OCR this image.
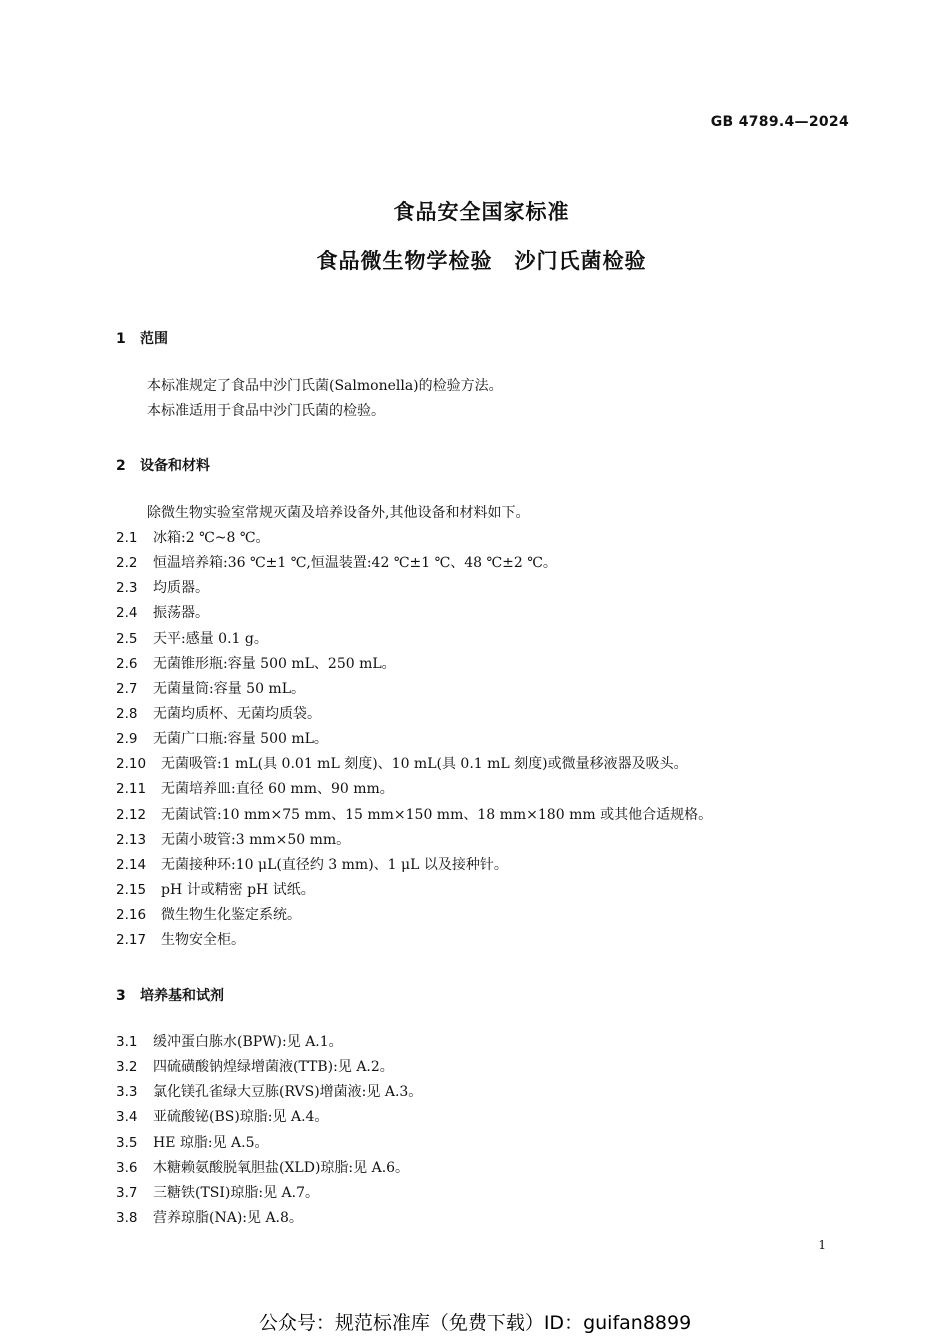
GB 4789.4—2024
食品安全国家标准
食品微生物学检验　沙门氏菌检验
1 范围
本标准规定了食品中沙门氏菌(Salmonella)的检验方法。
本标准适用于食品中沙门氏菌的检验。
2 设备和材料
除微生物实验室常规灭菌及培养设备外,其他设备和材料如下。
2.1 冰箱:2 ℃~8 ℃。
2.2 恒温培养箱:36 ℃±1 ℃,恒温装置:42 ℃±1 ℃、48 ℃±2 ℃。
2.3 均质器。
2.4 振荡器。
2.5 天平:感量 0.1 g。
2.6 无菌锥形瓶:容量 500 mL、250 mL。
2.7 无菌量筒:容量 50 mL。
2.8 无菌均质杯、无菌均质袋。
2.9 无菌广口瓶:容量 500 mL。
2.10 无菌吸管:1 mL(具 0.01 mL 刻度)、10 mL(具 0.1 mL 刻度)或微量移液器及吸头。
2.11 无菌培养皿:直径 60 mm、90 mm。
2.12 无菌试管:10 mm×75 mm、15 mm×150 mm、18 mm×180 mm 或其他合适规格。
2.13 无菌小玻管:3 mm×50 mm。
2.14 无菌接种环:10 μL(直径约 3 mm)、1 μL 以及接种针。
2.15 pH 计或精密 pH 试纸。
2.16 微生物生化鉴定系统。
2.17 生物安全柜。
3 培养基和试剂
3.1 缓冲蛋白胨水(BPW):见 A.1。
3.2 四硫磺酸钠煌绿增菌液(TTB):见 A.2。
3.3 氯化镁孔雀绿大豆胨(RVS)增菌液:见 A.3。
3.4 亚硫酸铋(BS)琼脂:见 A.4。
3.5 HE 琼脂:见 A.5。
3.6 木糖赖氨酸脱氧胆盐(XLD)琼脂:见 A.6。
3.7 三糖铁(TSI)琼脂:见 A.7。
3.8 营养琼脂(NA):见 A.8。
1
公众号：规范标准库（免费下载）ID：guifan8899
